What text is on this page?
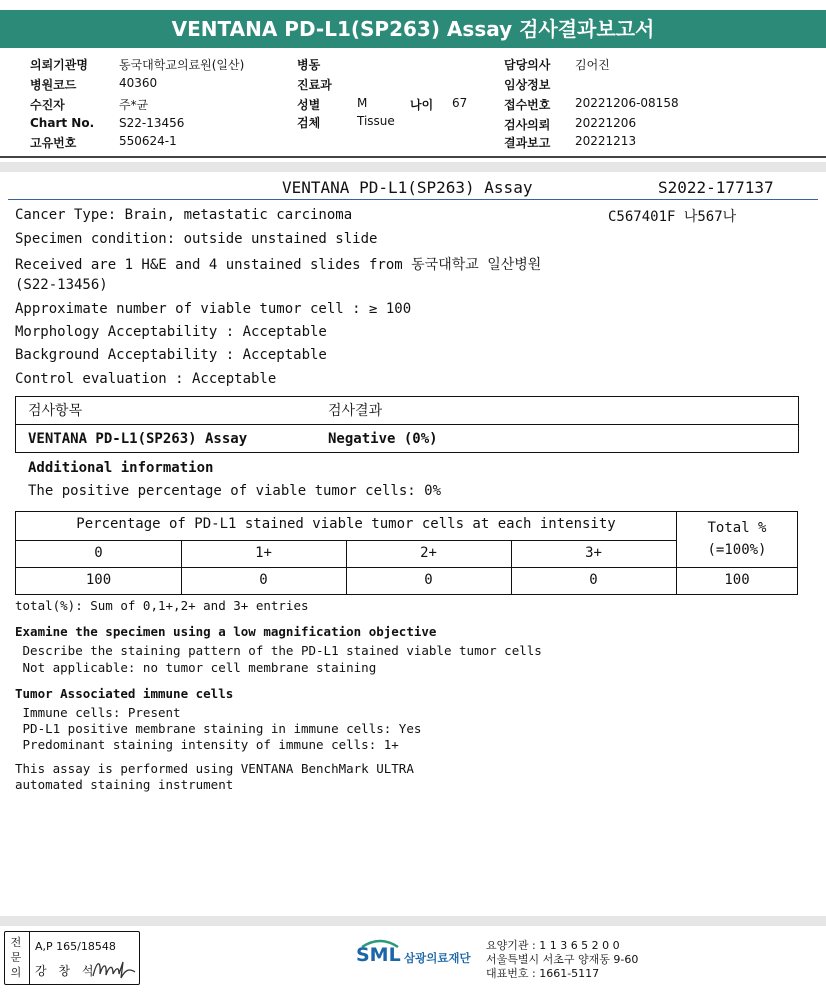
VENTANA PD-L1(SP263) Assay 검사결과보고서
의뢰기관명	동국대학교의료원(일산)
병원코드	40360
수진자	주*균
Chart No. S22-13456
고유번호	550624-1
병동
진료과
성별	M	나이 67
검체	Tissue
담당의사 김어진
임상정보
접수번호 20221206-08158
검사의뢰 20221206
결과보고 20221213
VENTANA PD-L1(SP263) Assay	S2022-177137
C567401F 나567나
Cancer Type: Brain, metastatic carcinoma
Specimen condition: outside unstained slide
Received are 1 H&E and 4 unstained slides from 동국대학교 일산병원
(S22-13456)
Approximate number of viable tumor cell : ≥ 100
Morphology Acceptability : Acceptable
Background Acceptability : Acceptable
Control evaluation : Acceptable
검사항목	검사결과
VENTANA PD-L1(SP263) Assay	Negative (0%)
Additional information
The positive percentage of viable tumor cells: 0%
Percentage of PD-L1 stained viable tumor cells at each intensity	Total %
(=100%)
0	1+	2+	3+
100	0	0	0	100
total(%): Sum of 0,1+,2+ and 3+ entries
Examine the specimen using a low magnification objective
Describe the staining pattern of the PD-L1 stained viable tumor cells
Not applicable: no tumor cell membrane staining
Tumor Associated immune cells
Immune cells: Present
PD-L1 positive membrane staining in immune cells: Yes
Predominant staining intensity of immune cells: 1+
This assay is performed using VENTANA BenchMark ULTRA
automated staining instrument
전
문
의
A,P 165/18548
강 창 석
SML 삼광의료재단
요양기관 : 1 1 3 6 5 2 0 0
서울특별시 서초구 양재동 9-60
대표번호 : 1661-5117
